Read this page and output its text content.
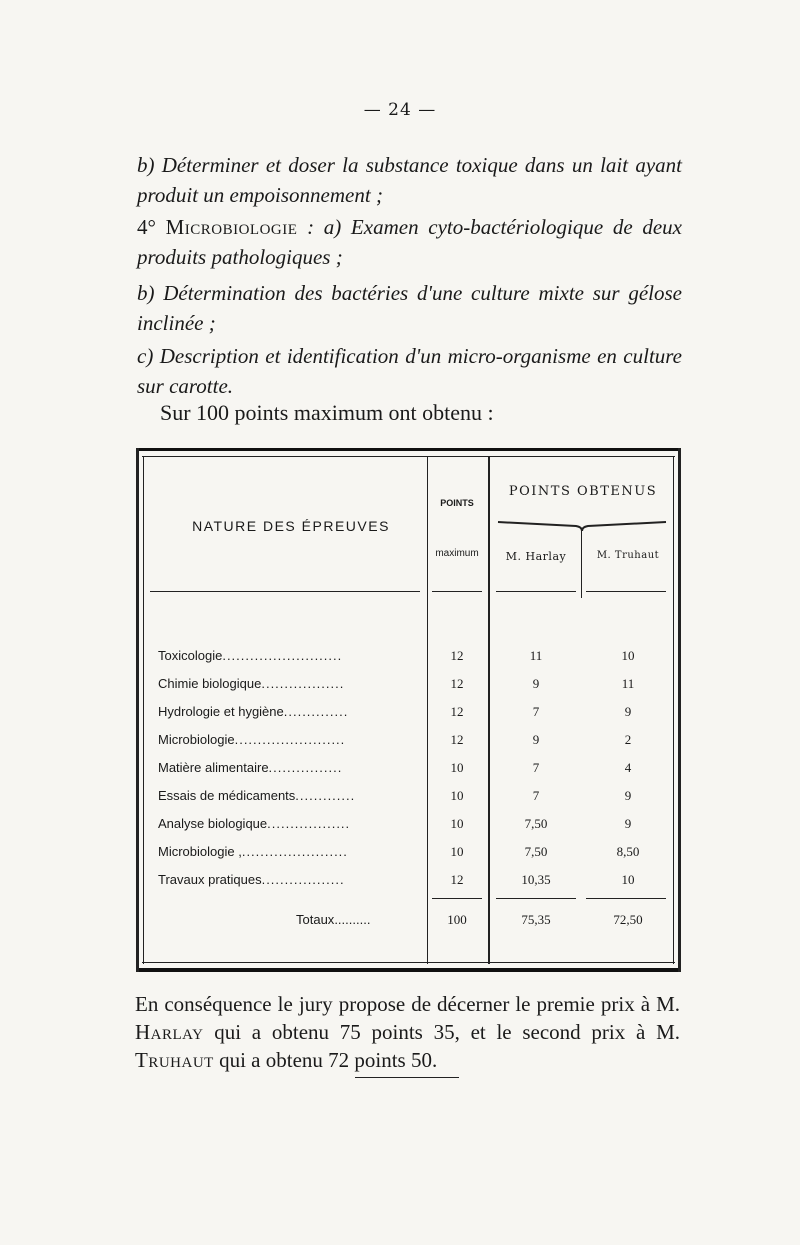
— 24 —
b) Déterminer et doser la substance toxique dans un lait ayant produit un empoisonnement ;
4° Microbiologie : a) Examen cyto-bactériologique de deux produits pathologiques ;
b) Détermination des bactéries d'une culture mixte sur gélose inclinée ;
c) Description et identification d'un micro-organisme en culture sur carotte.
Sur 100 points maximum ont obtenu :
NATURE DES ÉPREUVES
POINTS
maximum
POINTS OBTENUS
M. Harlay	M. Truhaut
Toxicologie..........................	12	11	10
Chimie biologique..................	12	9	11
Hydrologie et hygiène..............	12	7	9
Microbiologie........................	12	9	2
Matière alimentaire................	10	7	4
Essais de médicaments.............	10	7	9
Analyse biologique..................	10	7,50	9
Microbiologie ,.......................	10	7,50	8,50
Travaux pratiques..................	12	10,35	10
Totaux..........	100	75,35	72,50
En conséquence le jury propose de décerner le premie prix à M. Harlay qui a obtenu 75 points 35, et le second prix à M. Truhaut qui a obtenu 72 points 50.
